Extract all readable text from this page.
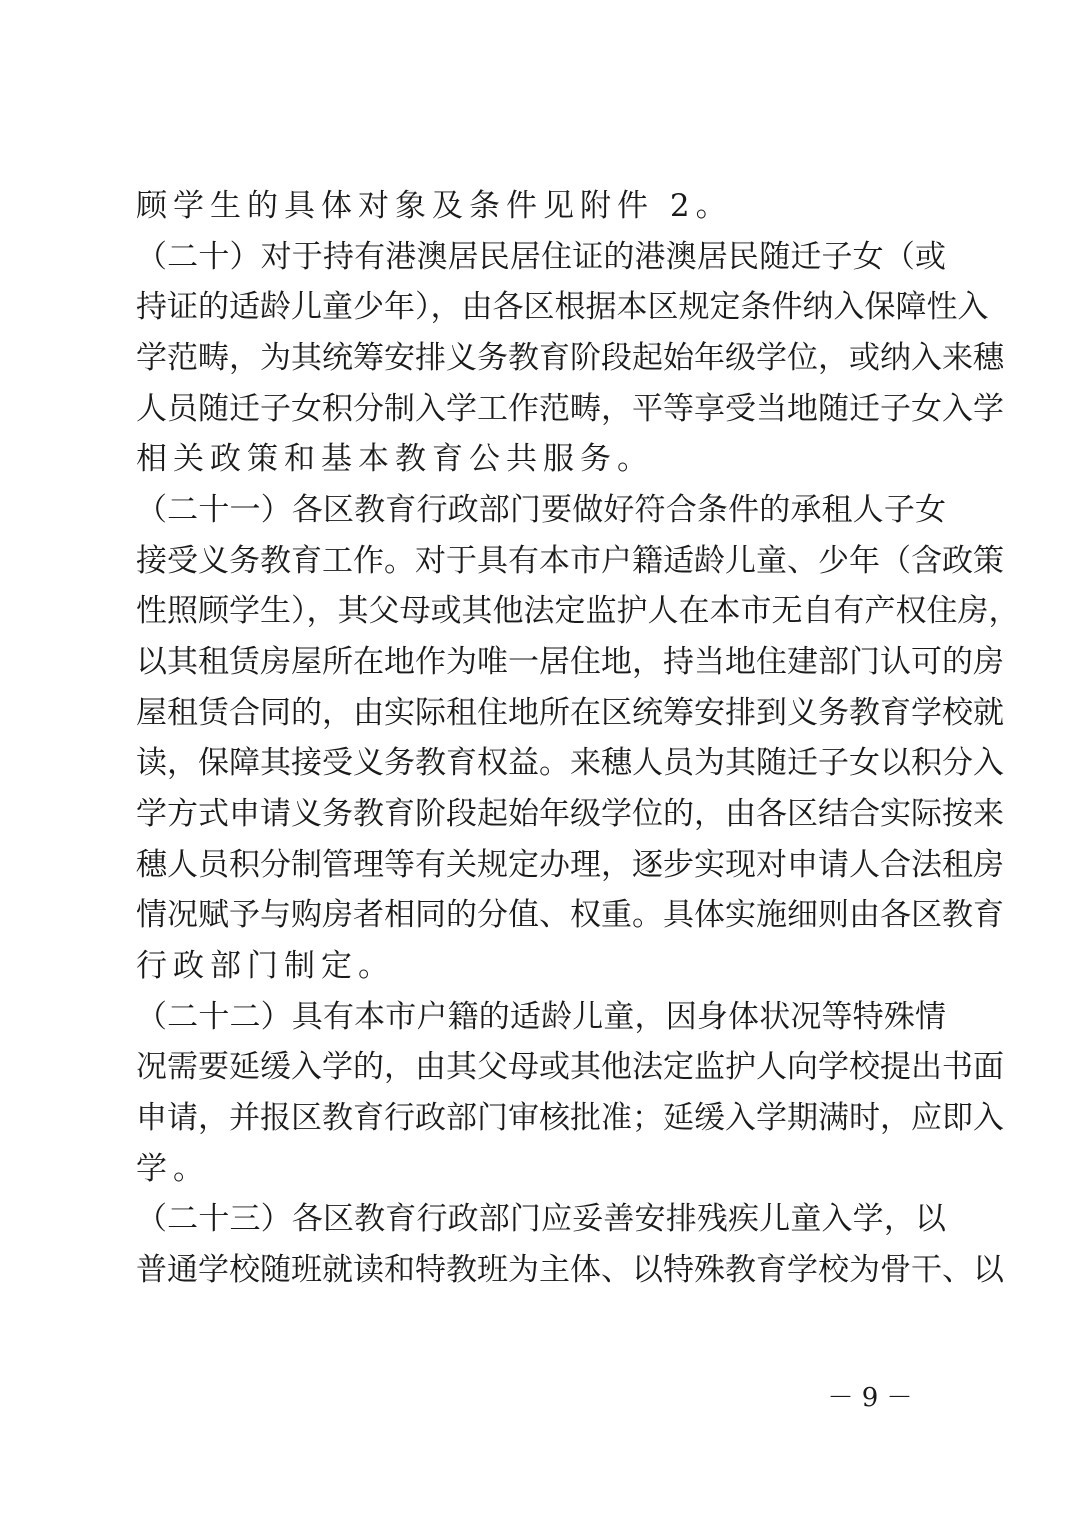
顾学生的具体对象及条件见附件 2。
（二十）对于持有港澳居民居住证的港澳居民随迁子女（或
持证的适龄儿童少年），由各区根据本区规定条件纳入保障性入
学范畴，为其统筹安排义务教育阶段起始年级学位，或纳入来穗
人员随迁子女积分制入学工作范畴，平等享受当地随迁子女入学
相关政策和基本教育公共服务。
（二十一）各区教育行政部门要做好符合条件的承租人子女
接受义务教育工作。对于具有本市户籍适龄儿童、少年（含政策
性照顾学生），其父母或其他法定监护人在本市无自有产权住房，
以其租赁房屋所在地作为唯一居住地，持当地住建部门认可的房
屋租赁合同的，由实际租住地所在区统筹安排到义务教育学校就
读，保障其接受义务教育权益。来穗人员为其随迁子女以积分入
学方式申请义务教育阶段起始年级学位的，由各区结合实际按来
穗人员积分制管理等有关规定办理，逐步实现对申请人合法租房
情况赋予与购房者相同的分值、权重。具体实施细则由各区教育
行政部门制定。
（二十二）具有本市户籍的适龄儿童，因身体状况等特殊情
况需要延缓入学的，由其父母或其他法定监护人向学校提出书面
申请，并报区教育行政部门审核批准；延缓入学期满时，应即入
学。
（二十三）各区教育行政部门应妥善安排残疾儿童入学，以
普通学校随班就读和特教班为主体、以特殊教育学校为骨干、以
－ 9 －
